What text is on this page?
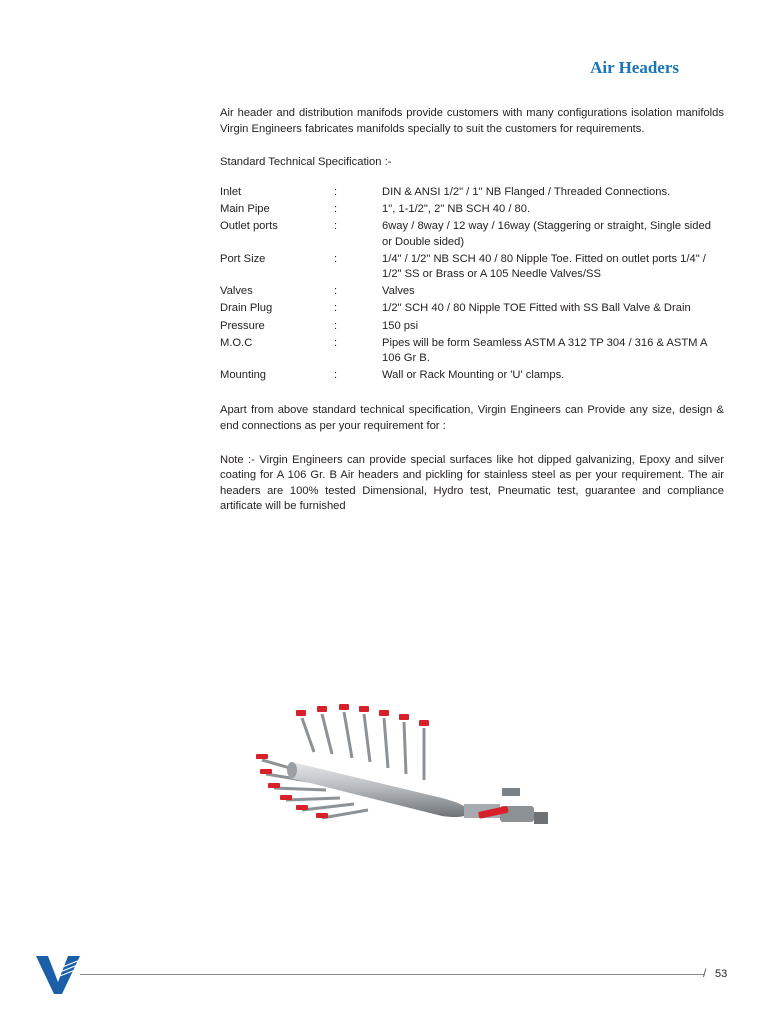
Air Headers

Air header and distribution manifods provide customers with many configurations isolation manifolds Virgin Engineers fabricates manifolds specially to suit the customers for requirements.

Standard Technical Specification :-

Inlet	:	DIN & ANSI 1/2" / 1" NB Flanged / Threaded Connections.
Main Pipe	:	1", 1-1/2", 2" NB SCH 40 / 80.
Outlet ports	:	6way / 8way / 12 way / 16way (Staggering or straight, Single sided or Double sided)
Port Size	:	1/4" / 1/2" NB SCH 40 / 80 Nipple Toe. Fitted on outlet ports 1/4" / 1/2" SS or Brass or A 105 Needle Valves/SS
Valves	:	Valves
Drain Plug	:	1/2" SCH 40 / 80 Nipple TOE Fitted with SS Ball Valve & Drain
Pressure	:	150 psi
M.O.C	:	Pipes will be form Seamless ASTM A 312 TP 304 / 316 & ASTM A 106 Gr B.
Mounting	:	Wall or Rack Mounting or 'U' clamps.

Apart from above standard technical specification, Virgin Engineers can Provide any size, design & end connections as per your requirement for :

Note :- Virgin Engineers can provide special surfaces like hot dipped galvanizing, Epoxy and silver coating for A 106 Gr. B Air headers and pickling for stainless steel as per your requirement. The air headers are 100% tested Dimensional, Hydro test, Pneumatic test, guarantee and compliance artificate will be furnished

/ 53
